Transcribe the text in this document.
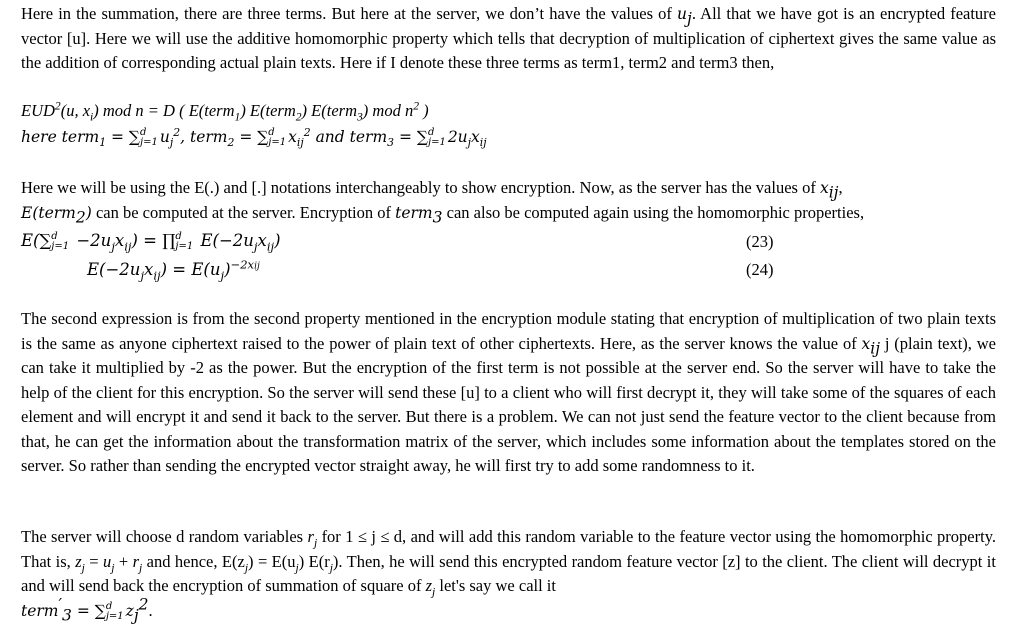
Here in the summation, there are three terms. But here at the server, we don’t have the values of $u_j$. All that we have got is an encrypted feature vector [u]. Here we will use the additive homomorphic property which tells that decryption of multiplication of ciphertext gives the same value as the addition of corresponding actual plain texts. Here if I denote these three terms as term1, term2 and term3 then,

EUD$^2$(u, $x_i$) mod n = D ( E(term$_1$) E(term$_2$) E(term$_3$) mod $n^2$ )

here term$_1$ = ∑ d
j=1 $u_j^2$, term$_2$ = ∑ d
j=1 $x_{ij}^2$ and term$_3$ = ∑ d
j=1 $2u_jx_{ij}$

Here we will be using the E(.) and [.] notations interchangeably to show encryption. Now, as the server has the values of $x_{ij}$,
E(term$_2$) can be computed at the server. Encryption of term$_3$ can also be computed again using the homomorphic properties,

E(∑ d
$j=1 -2u_jx_{ij}$) = ∏ d
j=1 $E(-2u_jx_{ij})$	(23)
$E(-2u_jx_{ij}) = E(u_j)^{-2xij}$	(24)

The second expression is from the second property mentioned in the encryption module stating that encryption of multiplication of two plain texts is the same as anyone ciphertext raised to the power of plain text of other ciphertexts. Here, as the server knows the value of $x_{ij}$ j (plain text), we can take it multiplied by -2 as the power. But the encryption of the first term is not possible at the server end. So the server will have to take the help of the client for this encryption. So the server will send these [u] to a client who will first decrypt it, they will take some of the squares of each element and will encrypt it and send it back to the server. But there is a problem. We can not just send the feature vector to the client because from that, he can get the information about the transformation matrix of the server, which includes some information about the templates stored on the server. So rather than sending the encrypted vector straight away, he will first try to add some randomness to it.

The server will choose d random variables $r_j$ for 1 ≤ j ≤ d, and will add this random variable to the feature vector using the homomorphic property. That is, $z_j = u_j + r_j$ and hence, $E(z_j) = E(u_j)$ $E(r_j)$. Then, he will send this encrypted random feature vector [z] to the client. The client will decrypt it and will send back the encryption of summation of square of $z_j$ let's say we call it
term′$_3$ = ∑ d
j=1 $z_j^2$.
